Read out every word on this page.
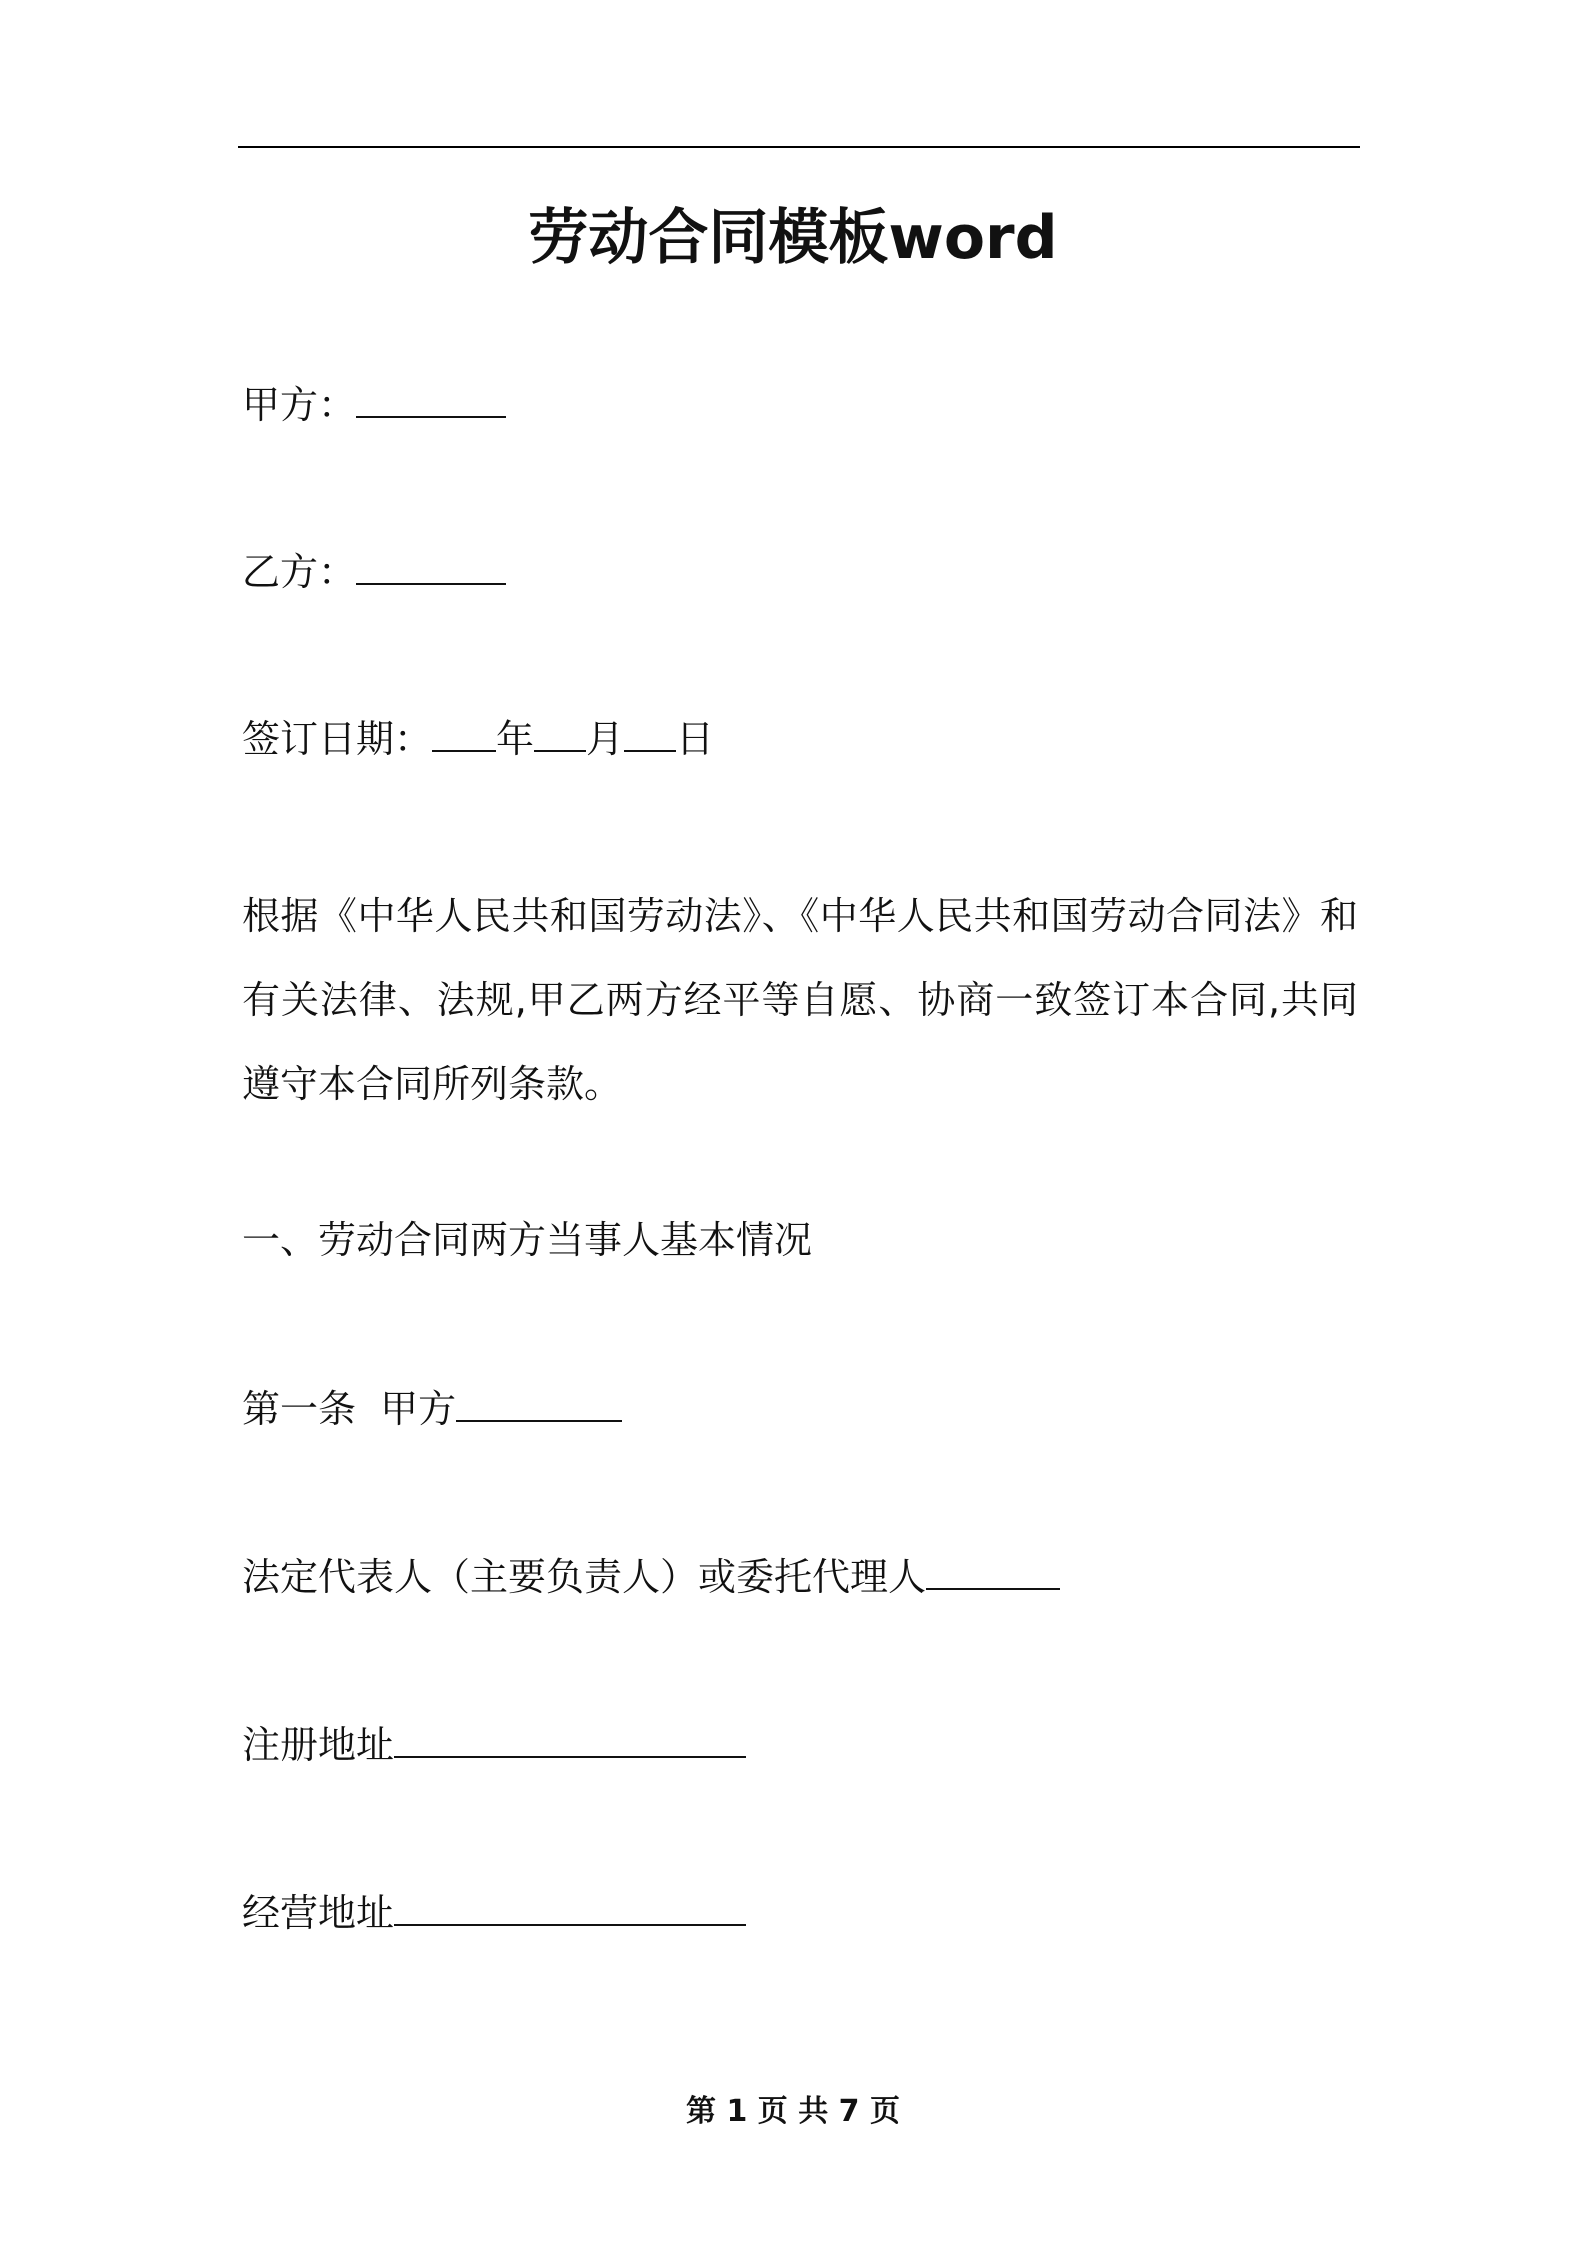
劳动合同模板word
甲方：
乙方：
签订日期： 年 月 日

根据《中华人民共和国劳动法》、《中华人民共和国劳动合同法》和有关法律、法规,甲乙两方经平等自愿、协商一致签订本合同,共同遵守本合同所列条款。

一、劳动合同两方当事人基本情况
第一条  甲方
法定代表人（主要负责人）或委托代理人
注册地址
经营地址
第 1 页 共 7 页
